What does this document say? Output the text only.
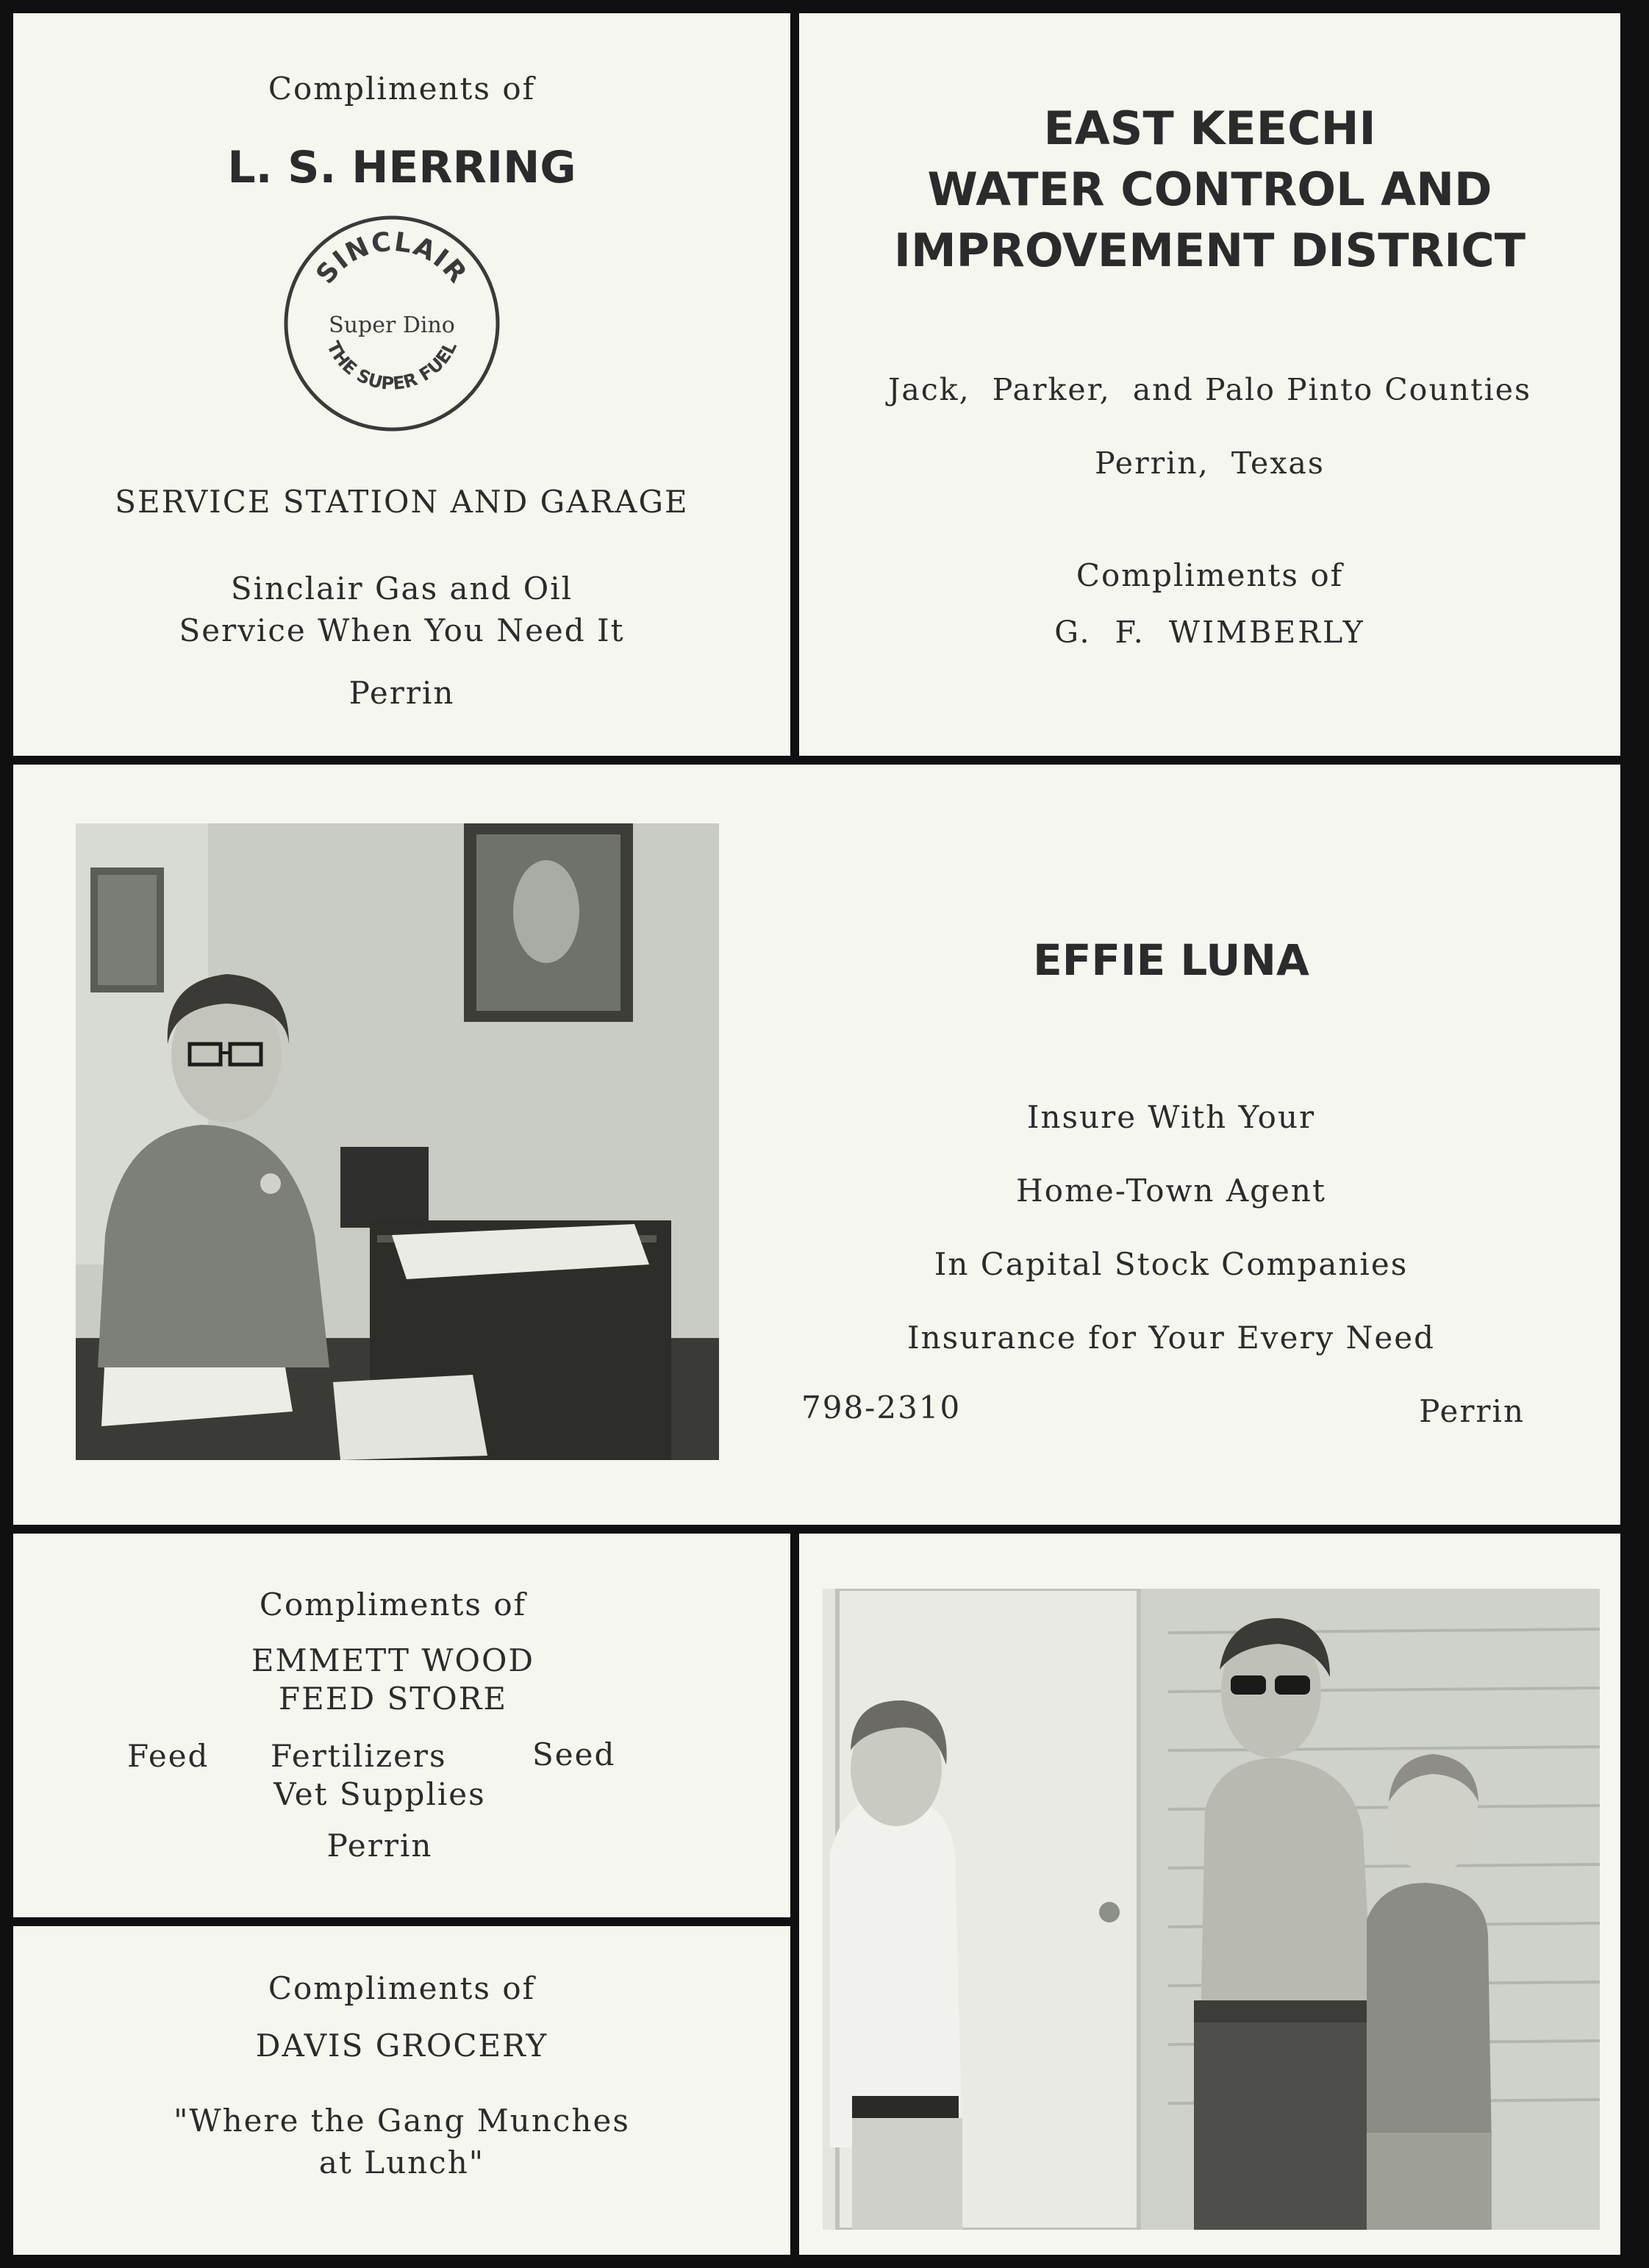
Compliments of
L. S. HERRING
SINCLAIR
Super Dino
THE SUPER FUEL
SERVICE STATION AND GARAGE
Sinclair Gas and Oil
Service When You Need It
Perrin
EAST KEECHI
WATER CONTROL AND
IMPROVEMENT DISTRICT
Jack,  Parker,  and Palo Pinto Counties
Perrin,  Texas
Compliments of
G.  F.  WIMBERLY
EFFIE LUNA
Insure With Your
Home-Town Agent
In Capital Stock Companies
Insurance for Your Every Need
798-2310	Perrin
Compliments of
EMMETT WOOD
FEED STORE
Feed Fertilizers	Seed
Vet Supplies
Perrin
Compliments of
DAVIS GROCERY
"Where the Gang Munches
at Lunch"
